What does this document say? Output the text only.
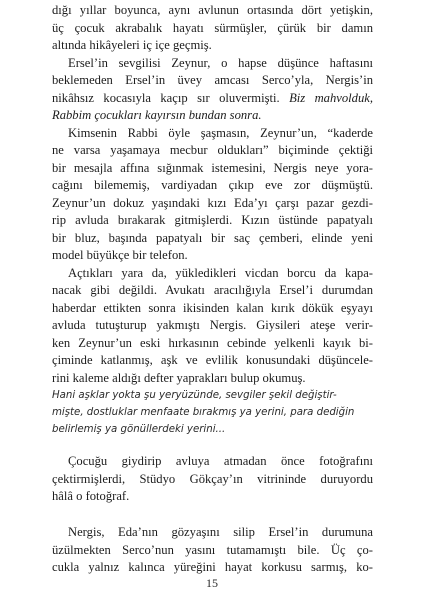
dığı yıllar boyunca, aynı avlunun ortasında dört yetişkin,
üç çocuk akrabalık hayatı sürmüşler, çürük bir damın
altında hikâyeleri iç içe geçmiş.

Ersel’in sevgilisi Zeynur, o hapse düşünce haftasını
beklemeden Ersel’in üvey amcası Serco’yla, Nergis’in
nikâhsız kocasıyla kaçıp sır oluvermişti. Biz mahvolduk,
Rabbim çocukları kayırsın bundan sonra.

Kimsenin Rabbi öyle şaşmasın, Zeynur’un, “kaderde
ne varsa yaşamaya mecbur oldukları” biçiminde çektiği
bir mesajla affına sığınmak istemesini, Nergis neye yora-
cağını bilememiş, vardiyadan çıkıp eve zor düşmüştü.
Zeynur’un dokuz yaşındaki kızı Eda’yı çarşı pazar gezdi-
rip avluda bırakarak gitmişlerdi. Kızın üstünde papatyalı
bir bluz, başında papatyalı bir saç çemberi, elinde yeni
model büyükçe bir telefon.

Açtıkları yara da, yükledikleri vicdan borcu da kapa-
nacak gibi değildi. Avukatı aracılığıyla Ersel’i durumdan
haberdar ettikten sonra ikisinden kalan kırık dökük eşyayı
avluda tutuşturup yakmıştı Nergis. Giysileri ateşe verir-
ken Zeynur’un eski hırkasının cebinde yelkenli kayık bi-
çiminde katlanmış, aşk ve evlilik konusundaki düşüncele-
rini kaleme aldığı defter yaprakları bulup okumuş.

Hani aşklar yokta şu yeryüzünde, sevgiler şekil değiştir-
mişte, dostluklar menfaate bırakmış ya yerini, para dediğin
belirlemiş ya gönüllerdeki yerini...

Çocuğu giydirip avluya atmadan önce fotoğrafını
çektirmişlerdi, Stüdyo Gökçay’ın vitrininde duruyordu
hâlâ o fotoğraf.

Nergis, Eda’nın gözyaşını silip Ersel’in durumuna
üzülmekten Serco’nun yasını tutamamıştı bile. Üç ço-
cukla yalnız kalınca yüreğini hayat korkusu sarmış, ko-

15
